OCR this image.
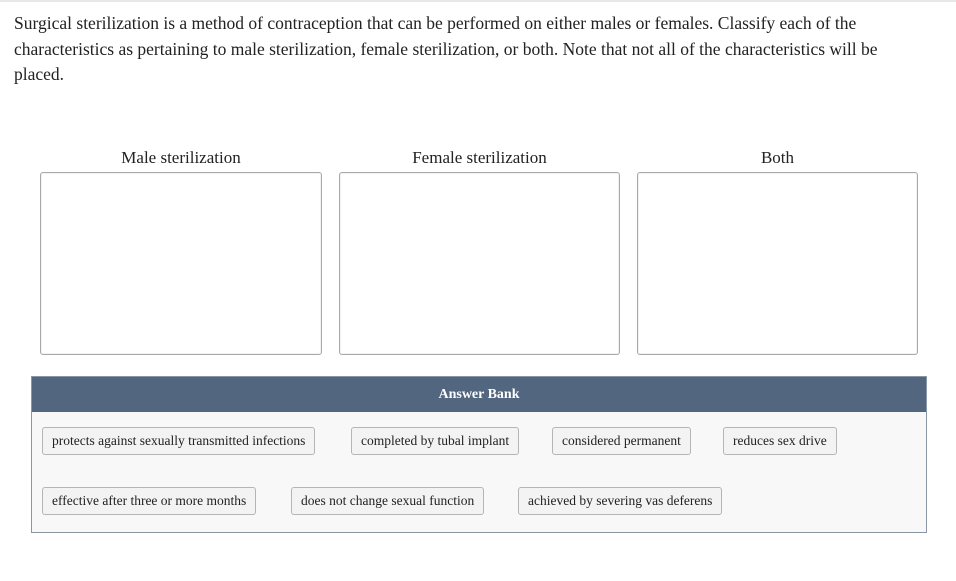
Surgical sterilization is a method of contraception that can be performed on either males or females. Classify each of the characteristics as pertaining to male sterilization, female sterilization, or both. Note that not all of the characteristics will be placed.

Male sterilization	Female sterilization	Both
Answer Bank
protects against sexually transmitted infections	completed by tubal implant	considered permanent	reduces sex drive
effective after three or more months	does not change sexual function	achieved by severing vas deferens
